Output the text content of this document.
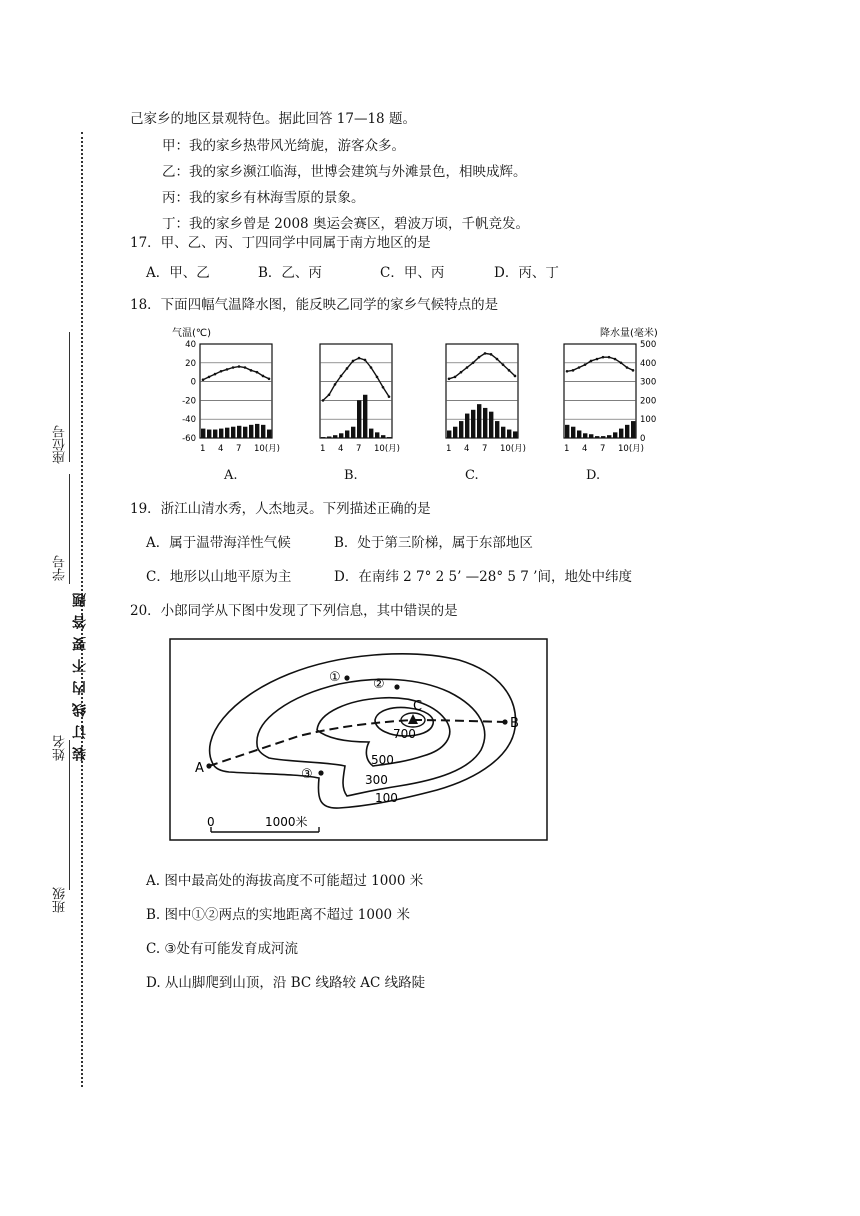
座位号
学号
装订线内不要答题
姓名
班级
己家乡的地区景观特色。据此回答 17—18 题。
甲：我的家乡热带风光绮旎，游客众多。
乙：我的家乡濒江临海，世博会建筑与外滩景色，相映成辉。
丙：我的家乡有林海雪原的景象。
丁：我的家乡曾是 2008 奥运会赛区，碧波万顷，千帆竞发。
17．甲、乙、丙、丁四同学中同属于南方地区的是
A．甲、乙	B．乙、丙	C．甲、丙	D．丙、丁
18．下面四幅气温降水图，能反映乙同学的家乡气候特点的是
气温(℃)	降水量(毫米)
1 4 7 10(月)
40
20
0
-20
-40
-60
1 4 7 10(月)	1 4 7 10(月)	1 4 7 10(月)
500
400
300
200
100
0
A.	B.	C.	D.
19．浙江山清水秀，人杰地灵。下列描述正确的是
A．属于温带海洋性气候	B．处于第三阶梯，属于东部地区
C．地形以山地平原为主	D．在南纬 2 7° 2 5’ —28° 5 7 ’间，地处中纬度
20．小郎同学从下图中发现了下列信息，其中错误的是
A
B
C
① ②
③
700
500
300
100
0	1000米
A. 图中最高处的海拔高度不可能超过 1000 米
B. 图中①②两点的实地距离不超过 1000 米
C. ③处有可能发育成河流
D. 从山脚爬到山顶，沿 BC 线路较 AC 线路陡
